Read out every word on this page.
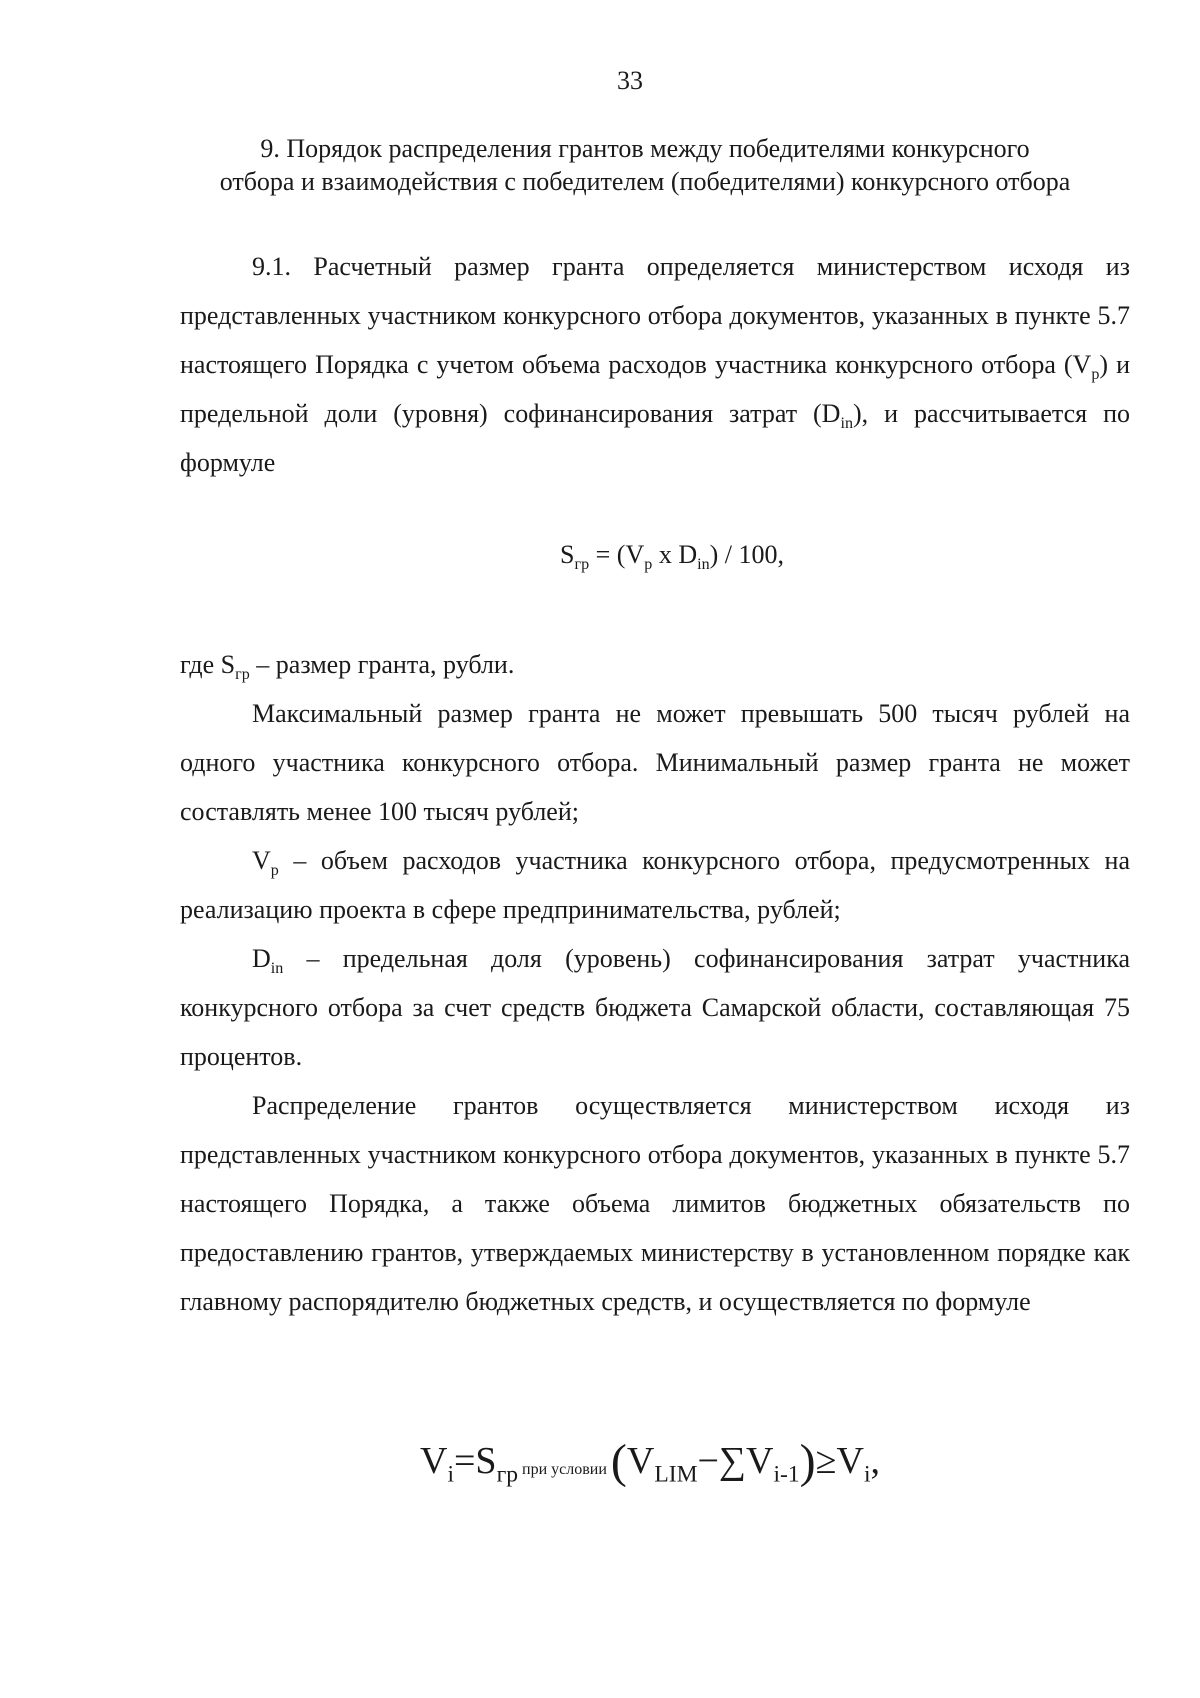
33
9. Порядок распределения грантов между победителями конкурсного
отбора и взаимодействия с победителем (победителями) конкурсного отбора

9.1. Расчетный размер гранта определяется министерством исходя из представленных участником конкурсного отбора документов, указанных в пункте 5.7 настоящего Порядка с учетом объема расходов участника конкурсного отбора $(V_p)$ и предельной доли (уровня) софинансирования затрат $(D_{in})$, и рассчитывается по формуле

$S_{гр} = (V_p$ x $D_{in}) / 100$,

где $S_{гр}$ – размер гранта, рубли.

Максимальный размер гранта не может превышать 500 тысяч рублей на одного участника конкурсного отбора. Минимальный размер гранта не может составлять менее 100 тысяч рублей;

$V_p$ – объем расходов участника конкурсного отбора, предусмотренных на реализацию проекта в сфере предпринимательства, рублей;

$D_{in}$ – предельная доля (уровень) софинансирования затрат участника конкурсного отбора за счет средств бюджета Самарской области, составляющая 75 процентов.

Распределение грантов осуществляется министерством исходя из представленных участником конкурсного отбора документов, указанных в пункте 5.7 настоящего Порядка, а также объема лимитов бюджетных обязательств по предоставлению грантов, утверждаемых министерству в установленном порядке как главному распорядителю бюджетных средств, и осуществляется по формуле

$V_i=S_{гр}$ при $условии(V_{LIM}-\sum V_{i-1})\ge V_i$,
